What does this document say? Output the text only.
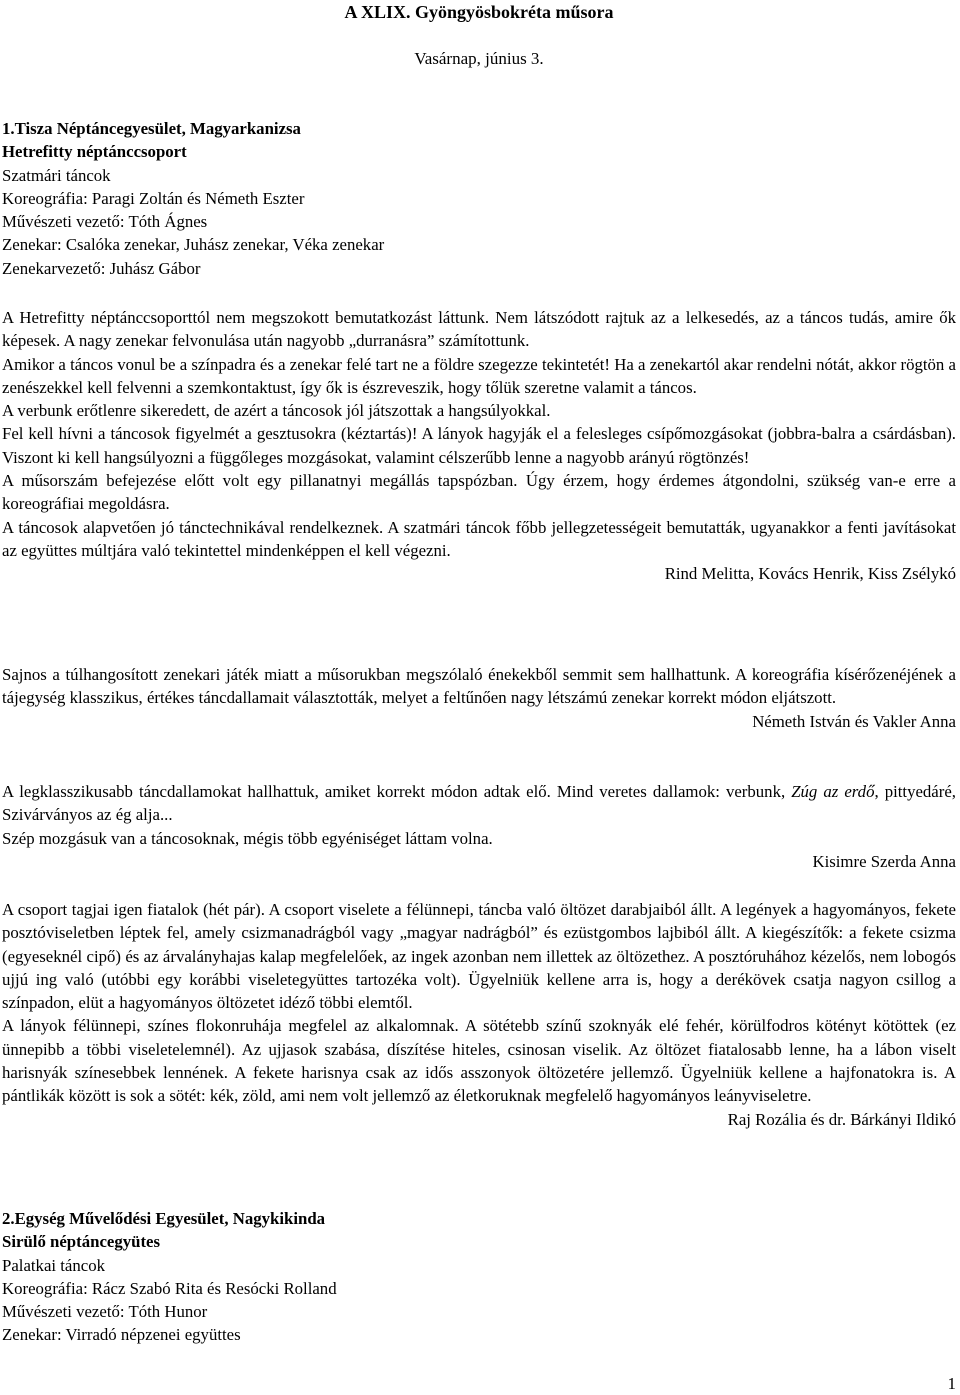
A XLIX. Gyöngyösbokréta műsora
Vasárnap, június 3.

1.Tisza Néptáncegyesület, Magyarkanizsa

Hetrefitty néptánccsoport

Szatmári táncok

Koreográfia: Paragi Zoltán és Németh Eszter

Művészeti vezető: Tóth Ágnes

Zenekar: Csalóka zenekar, Juhász zenekar, Véka zenekar

Zenekarvezető: Juhász Gábor

A Hetrefitty néptánccsoporttól nem megszokott bemutatkozást láttunk. Nem látszódott rajtuk az a lelkesedés, az a táncos tudás, amire ők képesek. A nagy zenekar felvonulása után nagyobb „durranásra” számítottunk.

Amikor a táncos vonul be a színpadra és a zenekar felé tart ne a földre szegezze tekintetét! Ha a zenekartól akar rendelni nótát, akkor rögtön a zenészekkel kell felvenni a szemkontaktust, így ők is észreveszik, hogy tőlük szeretne valamit a táncos.

A verbunk erőtlenre sikeredett, de azért a táncosok jól játszottak a hangsúlyokkal.

Fel kell hívni a táncosok figyelmét a gesztusokra (kéztartás)! A lányok hagyják el a felesleges csípőmozgásokat (jobbra-balra a csárdásban). Viszont ki kell hangsúlyozni a függőleges mozgásokat, valamint célszerűbb lenne a nagyobb arányú rögtönzés!

A műsorszám befejezése előtt volt egy pillanatnyi megállás tapspózban. Úgy érzem, hogy érdemes átgondolni, szükség van-e erre a koreográfiai megoldásra.

A táncosok alapvetően jó tánctechnikával rendelkeznek. A szatmári táncok főbb jellegzetességeit bemutatták, ugyanakkor a fenti javításokat az együttes múltjára való tekintettel mindenképpen el kell végezni.

Rind Melitta, Kovács Henrik, Kiss Zsélykó

Sajnos a túlhangosított zenekari játék miatt a műsorukban megszólaló énekekből semmit sem hallhattunk. A koreográfia kísérőzenéjének a tájegység klasszikus, értékes táncdallamait választották, melyet a feltűnően nagy létszámú zenekar korrekt módon eljátszott.

Németh István és Vakler Anna

A legklasszikusabb táncdallamokat hallhattuk, amiket korrekt módon adtak elő. Mind veretes dallamok: verbunk, Zúg az erdő, pittyedáré, Szivárványos az ég alja...

Szép mozgásuk van a táncosoknak, mégis több egyéniséget láttam volna.

Kisimre Szerda Anna

A csoport tagjai igen fiatalok (hét pár). A csoport viselete a félünnepi, táncba való öltözet darabjaiból állt. A legények a hagyományos, fekete posztóviseletben léptek fel, amely csizmanadrágból vagy „magyar nadrágból” és ezüstgombos lajbiból állt. A kiegészítők: a fekete csizma (egyeseknél cipő) és az árvalányhajas kalap megfelelőek, az ingek azonban nem illettek az öltözethez. A posztóruhához kézelős, nem lobogós ujjú ing való (utóbbi egy korábbi viseletegyüttes tartozéka volt). Ügyelniük kellene arra is, hogy a derékövek csatja nagyon csillog a színpadon, elüt a hagyományos öltözetet idéző többi elemtől.

A lányok félünnepi, színes flokonruhája megfelel az alkalomnak. A sötétebb színű szoknyák elé fehér, körülfodros kötényt kötöttek (ez ünnepibb a többi viseletelemnél). Az ujjasok szabása, díszítése hiteles, csinosan viselik. Az öltözet fiatalosabb lenne, ha a lábon viselt harisnyák színesebbek lennének. A fekete harisnya csak az idős asszonyok öltözetére jellemző. Ügyelniük kellene a hajfonatokra is. A pántlikák között is sok a sötét: kék, zöld, ami nem volt jellemző az életkoruknak megfelelő hagyományos leányviseletre.

Raj Rozália és dr. Bárkányi Ildikó

2.Egység Művelődési Egyesület, Nagykikinda

Sirülő néptáncegyütes

Palatkai táncok

Koreográfia: Rácz Szabó Rita és Resócki Rolland

Művészeti vezető: Tóth Hunor

Zenekar: Virradó népzenei együttes

1
